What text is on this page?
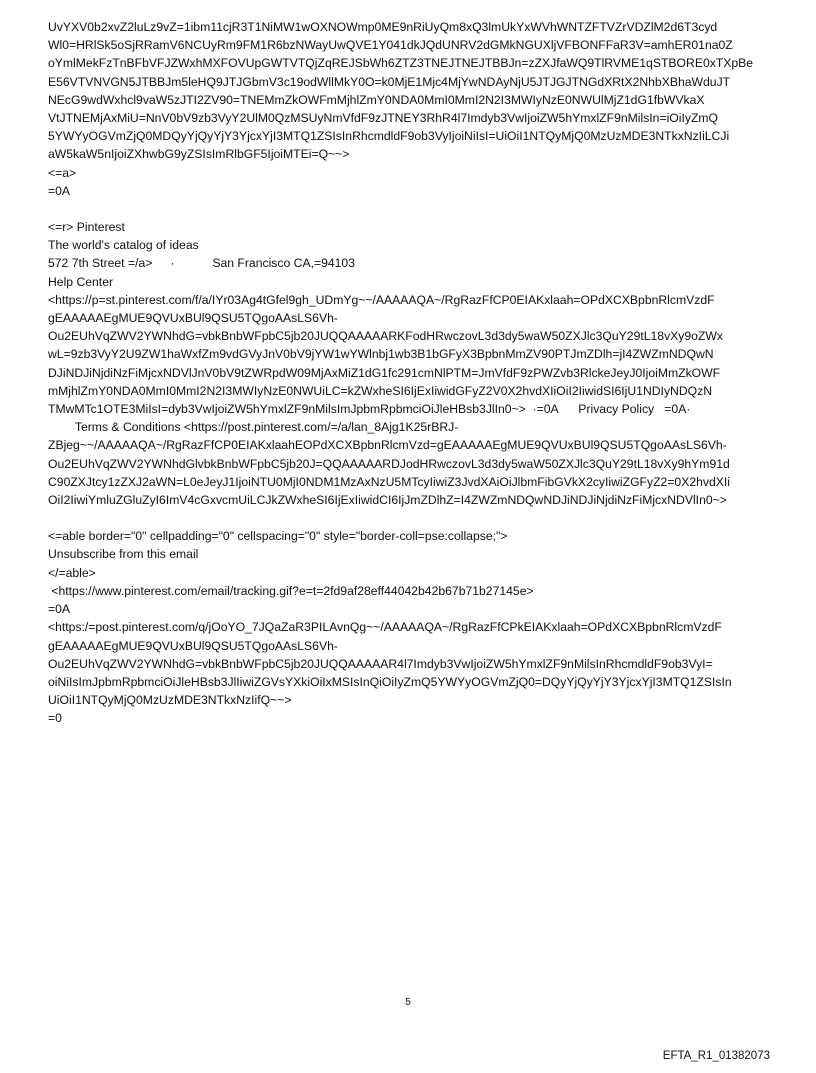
UvYXV0b2xvZ2luLz9vZ=1ibm11cjR3T1NiMW1wOXNOWmp0ME9nRiUyQm8xQ3lmUkYxWVhWNTZFTVZrVDZlM2d6T3cyd
Wl0=HRlSk5oSjRRamV6NCUyRm9FM1R6bzNWayUwQVE1Y041dkJQdUNRV2dGMkNGUXljVFBONFFaR3V=amhER01na0Z
oYmlMekFzTnBFbVFJZWxhMXFOVUpGWTVTQjZqREJSbWh6ZTZ3TNEJTNEJTBBJn=zZXJfaWQ9TlRVME1qSTBORE0xTXpBe
E56VTVNVGN5JTBBJm5leHQ9JTJGbmV3c19odWllMkY0O=k0MjE1Mjc4MjYwNDAyNjU5JTJGJTNGdXRtX2NhbXBhaWduJT
NEcG9wdWxhcl9vaW5zJTI2ZV90=TNEMmZkOWFmMjhlZmY0NDA0MmI0MmI2N2I3MWIyNzE0NWUlMjZ1dG1fbWVkaX
VtJTNEMjAxMiU=NnV0bV9zb3VyY2UlM0QzMSUyNmVfdF9zJTNEY3RhR4l7Imdyb3VwIjoiZW5hYmxlZF9nMilsIn=iOiIyZmQ
5YWYyOGVmZjQ0MDQyYjQyYjY3YjcxYjI3MTQ1ZSIsInRhcmdldF9ob3VyIjoiNiIsI=UiOiI1NTQyMjQ0MzUzMDE3NTkxNzIiLCJi
aW5kaW5nIjoiZXhwbG9yZSIsImRlbGF5IjoiMTEi=Q~~>
<=a>
=0A
<=r> Pinterest
The world's catalog of ideas
572 7th Street =/a> ·	San Francisco CA,=94103
Help Center
<https://p=st.pinterest.com/f/a/IYr03Ag4tGfel9gh_UDmYg~~/AAAAAQA~/RgRazFfCP0EIAKxlaah=OPdXCXBpbnRlcmVzdF
gEAAAAAEgMUE9QVUxBUl9QSU5TQgoAAsLS6Vh-
Ou2EUhVqZWV2YWNhdG=vbkBnbWFpbC5jb20JUQQAAAAARKFodHRwczovL3d3dy5waW50ZXJlc3QuY29tL18vXy9oZWx
wL=9zb3VyY2U9ZW1haWxfZm9vdGVyJnV0bV9jYW1wYWlnbj1wb3B1bGFyX3BpbnMmZV90PTJmZDlh=jI4ZWZmNDQwN
DJiNDJiNjdiNzFiMjcxNDVlJnV0bV9tZWRpdW09MjAxMiZ1dG1fc291cmNlPTM=JmVfdF9zPWZvb3RlckeJeyJ0IjoiMmZkOWF
mMjhlZmY0NDA0MmI0MmI2N2I3MWIyNzE0NWUiLC=kZWxheSI6IjExIiwidGFyZ2V0X2hvdXIiOiI2IiwidSI6IjU1NDIyNDQzN
TMwMTc1OTE3MiIsI=dyb3VwIjoiZW5hYmxlZF9nMilsImJpbmRpbmciOiJleHBsb3JlIn0~>  ·=0A      Privacy Policy   =0A·
Terms & Conditions <https://post.pinterest.com/=/a/lan_8Ajg1K25rBRJ-
ZBjeg~~/AAAAAQA~/RgRazFfCP0EIAKxlaahEOPdXCXBpbnRlcmVzd=gEAAAAAEgMUE9QVUxBUl9QSU5TQgoAAsLS6Vh-
Ou2EUhVqZWV2YWNhdGlvbkBnbWFpbC5jb20J=QQAAAAARDJodHRwczovL3d3dy5waW50ZXJlc3QuY29tL18vXy9hYm91d
C90ZXJtcy1zZXJ2aWN=L0eJeyJ1IjoiNTU0MjI0NDM1MzAxNzU5MTcyIiwiZ3JvdXAiOiJlbmFibGVkX2cyIiwiZGFyZ2=0X2hvdXIi
OiI2IiwiYmluZGluZyI6ImV4cGxvcmUiLCJkZWxheSI6IjExIiwidCI6IjJmZDlhZ=I4ZWZmNDQwNDJiNDJiNjdiNzFiMjcxNDVlIn0~>
<=able border="0" cellpadding="0" cellspacing="0" style="border-coll=pse:collapse;">
Unsubscribe from this email
</=able>
<https://www.pinterest.com/email/tracking.gif?e=t=2fd9af28eff44042b42b67b71b27145e>
=0A
<https:/=post.pinterest.com/q/jOoYO_7JQaZaR3PILAvnQg~~/AAAAAQA~/RgRazFfCPkEIAKxlaah=OPdXCXBpbnRlcmVzdF
gEAAAAAEgMUE9QVUxBUl9QSU5TQgoAAsLS6Vh-
Ou2EUhVqZWV2YWNhdG=vbkBnbWFpbC5jb20JUQQAAAAAR4l7Imdyb3VwIjoiZW5hYmxlZF9nMilsInRhcmdldF9ob3VyI=
oiNiIsImJpbmRpbmciOiJleHBsb3JlIiwiZGVsYXkiOiIxMSIsInQiOiIyZmQ5YWYyOGVmZjQ0=DQyYjQyYjY3YjcxYjI3MTQ1ZSIsIn
UiOiI1NTQyMjQ0MzUzMDE3NTkxNzIifQ~~>
=0
5
EFTA_R1_01382073
